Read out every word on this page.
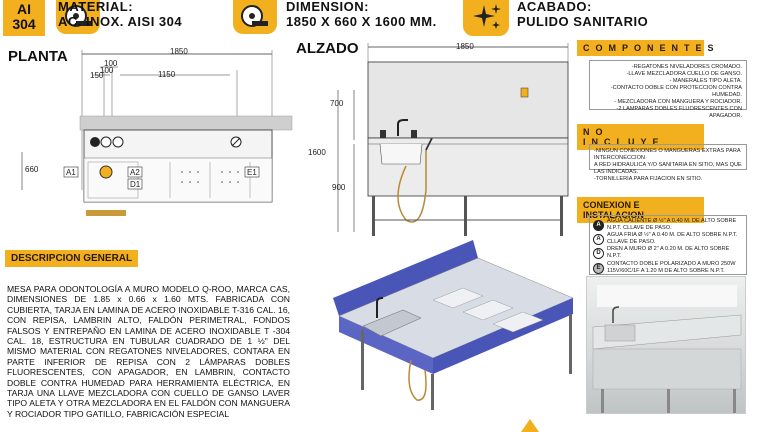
AI
304
MATERIAL:
AC. INOX. AISI 304
DIMENSION:
1850 X 660 X 1600 MM.
ACABADO:
PULIDO SANITARIO
PLANTA	1850
100
100
150	1150
660	A1	A2
D1
E1
ALZADO	1850
700
1600
900
COMPONENTES
-REGATONES NIVELADORES CROMADO.
-LLAVE MEZCLADORA CUELLO DE GANSO.
- MANERALES TIPO ALETA.
-CONTACTO DOBLE CON PROTECCION CONTRA HUMEDAD.
- MEZCLADORA CON MANGUERA Y ROCIADOR.
-2 LAMPARAS DOBLES FLUORESCENTES CON APAGADOR.
NO INCLUYE
-NINGUN CONEXIONES O MANGUERAS EXTRAS PARA INTERCONECCION
A RED HIDRAULICA Y/O SANITARIA EN SITIO, MAS QUE LAS INDICADAS.
-TORNILLERIA PARA FIJACION EN SITIO.
CONEXION E INSTALACION
A
AGUA CALIENTE Ø ½" A 0.40 M. DE ALTO SOBRE N.P.T. CLLAVE DE PASO.
A
AGUA FRIA Ø ½" A 0.40 M. DE ALTO SOBRE N.P.T. CLLAVE DE PASO.
D
DREN A MURO Ø 2" A 0.20 M. DE ALTO SOBRE N.P.T.
E
CONTACTO DOBLE POLARIZADO A MURO 250W 115V/60C/1F A 1.20 M DE ALTO SOBRE N.P.T.
DESCRIPCION GENERAL
MESA PARA ODONTOLOGÍA A MURO MODELO Q-ROO, MARCA CAS, DIMENSIONES DE 1.85 x 0.66 x 1.60 MTS. FABRICADA CON CUBIERTA, TARJA EN LAMINA DE ACERO INOXIDABLE T-316 CAL. 16, CON REPISA, LAMBRIN ALTO, FALDÓN PERIMETRAL, FONDOS FALSOS Y ENTREPAÑO EN LAMINA DE ACERO INOXIDABLE T -304 CAL. 18, ESTRUCTURA EN TUBULAR CUADRADO DE 1 ½" DEL MISMO MATERIAL CON REGATONES NIVELADORES, CONTARA EN PARTE INFERIOR DE REPISA CON 2 LÁMPARAS DOBLES FLUORESCENTES, CON APAGADOR, EN LAMBRIN, CONTACTO DOBLE CONTRA HUMEDAD PARA HERRAMIENTA ELÉCTRICA, EN TARJA UNA LLAVE MEZCLADORA CON CUELLO DE GANSO LAVER TIPO ALETA Y OTRA MEZCLADORA EN EL FALDÓN CON MANGUERA Y ROCIADOR TIPO GATILLO, FABRICACIÓN ESPECIAL
